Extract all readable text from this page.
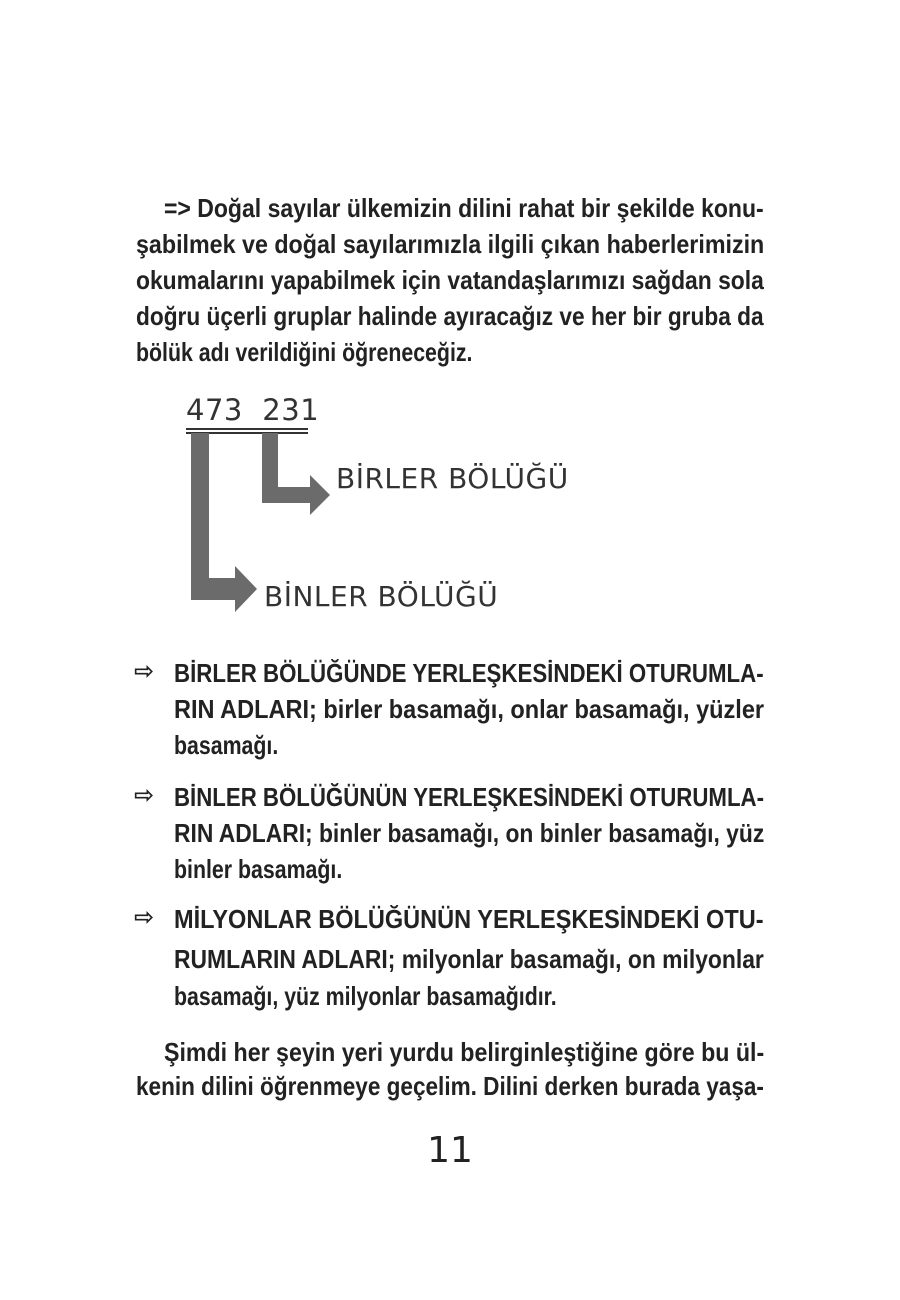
=> Doğal sayılar ülkemizin dilini rahat bir şekilde konu-
şabilmek ve doğal sayılarımızla ilgili çıkan haberlerimizin
okumalarını yapabilmek için vatandaşlarımızı sağdan sola
doğru üçerli gruplar halinde ayıracağız ve her bir gruba da
bölük adı verildiğini öğreneceğiz.
473  231
BİRLER BÖLÜĞÜ
BİNLER BÖLÜĞÜ
⇨ BİRLER BÖLÜĞÜNDE YERLEŞKESİNDEKİ OTURUMLA-
RIN ADLARI; birler basamağı, onlar basamağı, yüzler
basamağı.
⇨ BİNLER BÖLÜĞÜNÜN YERLEŞKESİNDEKİ OTURUMLA-
RIN ADLARI; binler basamağı, on binler basamağı, yüz
binler basamağı.
⇨ MİLYONLAR BÖLÜĞÜNÜN YERLEŞKESİNDEKİ OTU-
RUMLARIN ADLARI; milyonlar basamağı, on milyonlar
basamağı, yüz milyonlar basamağıdır.
Şimdi her şeyin yeri yurdu belirginleştiğine göre bu ül-
kenin dilini öğrenmeye geçelim. Dilini derken burada yaşa-
11
